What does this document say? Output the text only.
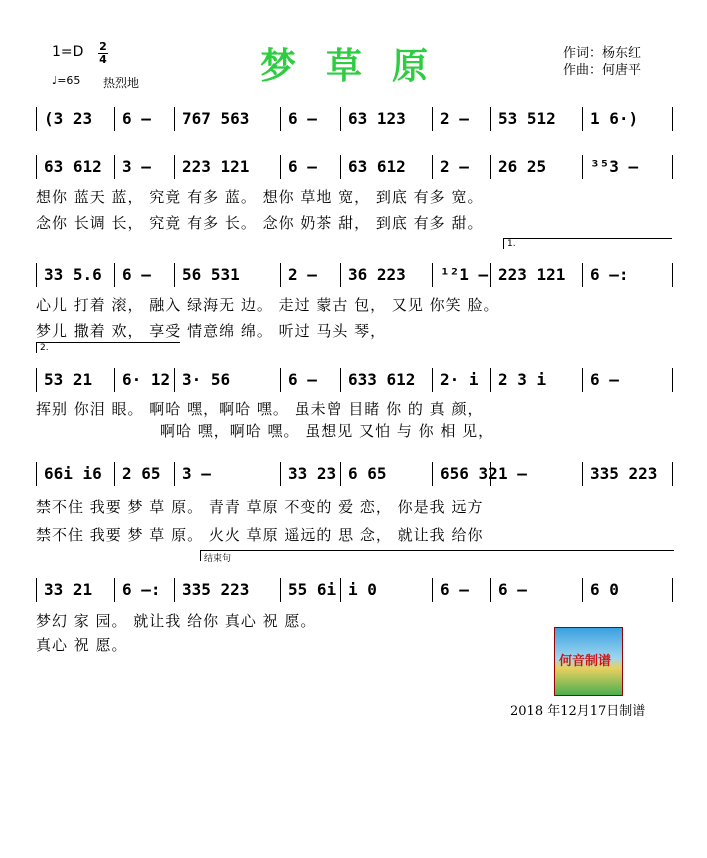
1=D 2
4
♩=65 热烈地	梦草原	作词：杨东红
作曲：何唐平
(3 23 6 – 767 563 6 – 63 123 2 – 53 512 1 6·)
63 612 3 – 223 121 6 – 63 612 2 – 26 25	³⁵3 –
33 5.6 6 – 56 531	2 – 36 223 ¹²1 – 223 121 6 –:
53 21 6· 12 3· 56	6 – 633 612 2· i 2 3 i	6 –
66i i6 2 65 3 –	33 23 6 65	656 32 1 –	335 223
33 21 6 –: 335 223 55 6i i 0	6 – 6 –	6 0
想你 蓝天 蓝， 究竟 有多 蓝。 想你 草地 宽， 到底 有多 宽。
念你 长调 长， 究竟 有多 长。 念你 奶茶 甜， 到底 有多 甜。
心儿 打着 滚， 融入 绿海无 边。 走过 蒙古 包， 又见 你笑 脸。
梦儿 撒着 欢， 享受 情意绵 绵。 听过 马头 琴，
挥别 你泪 眼。 啊哈 嘿，啊哈 嘿。 虽未曾 目睹 你 的 真 颜，
啊哈 嘿，啊哈 嘿。 虽想见 又怕 与 你 相 见，
禁不住 我要 梦 草 原。 青青 草原 不变的 爱 恋， 你是我 远方
禁不住 我要 梦 草 原。 火火 草原 遥远的 思 念， 就让我 给你
梦幻 家 园。 就让我 给你 真心 祝 愿。
真心 祝 愿。
1.
2.
结束句
何音制谱
2018 年12月17日制谱
